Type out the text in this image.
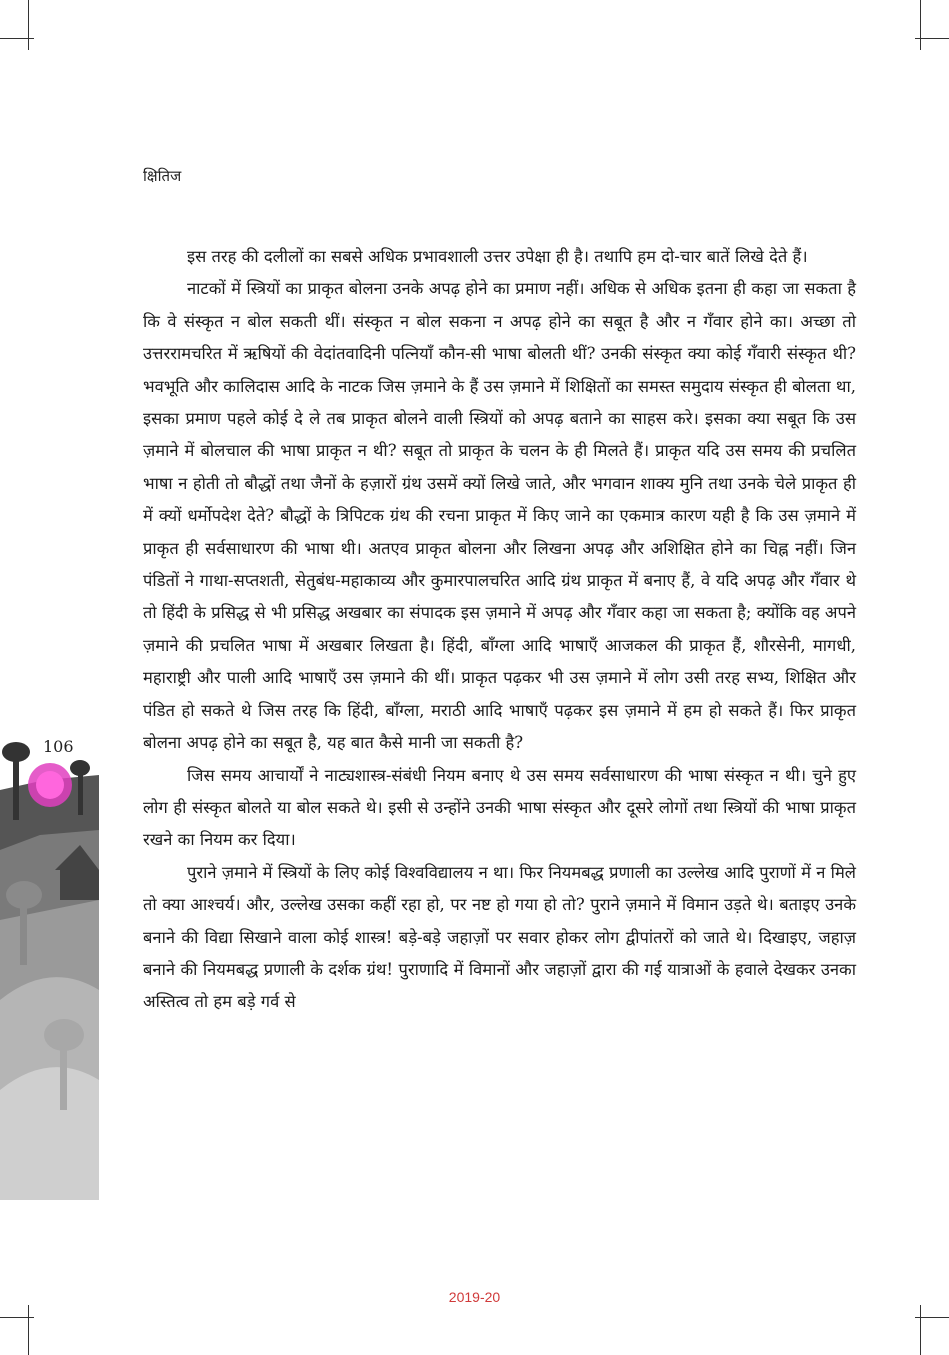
क्षितिज

इस तरह की दलीलों का सबसे अधिक प्रभावशाली उत्तर उपेक्षा ही है। तथापि हम दो-चार बातें लिखे देते हैं।

नाटकों में स्त्रियों का प्राकृत बोलना उनके अपढ़ होने का प्रमाण नहीं। अधिक से अधिक इतना ही कहा जा सकता है कि वे संस्कृत न बोल सकती थीं। संस्कृत न बोल सकना न अपढ़ होने का सबूत है और न गँवार होने का। अच्छा तो उत्तररामचरित में ऋषियों की वेदांतवादिनी पत्नियाँ कौन-सी भाषा बोलती थीं? उनकी संस्कृत क्या कोई गँवारी संस्कृत थी? भवभूति और कालिदास आदि के नाटक जिस ज़माने के हैं उस ज़माने में शिक्षितों का समस्त समुदाय संस्कृत ही बोलता था, इसका प्रमाण पहले कोई दे ले तब प्राकृत बोलने वाली स्त्रियों को अपढ़ बताने का साहस करे। इसका क्या सबूत कि उस ज़माने में बोलचाल की भाषा प्राकृत न थी? सबूत तो प्राकृत के चलन के ही मिलते हैं। प्राकृत यदि उस समय की प्रचलित भाषा न होती तो बौद्धों तथा जैनों के हज़ारों ग्रंथ उसमें क्यों लिखे जाते, और भगवान शाक्य मुनि तथा उनके चेले प्राकृत ही में क्यों धर्मोपदेश देते? बौद्धों के त्रिपिटक ग्रंथ की रचना प्राकृत में किए जाने का एकमात्र कारण यही है कि उस ज़माने में प्राकृत ही सर्वसाधारण की भाषा थी। अतएव प्राकृत बोलना और लिखना अपढ़ और अशिक्षित होने का चिह्न नहीं। जिन पंडितों ने गाथा-सप्तशती, सेतुबंध-महाकाव्य और कुमारपालचरित आदि ग्रंथ प्राकृत में बनाए हैं, वे यदि अपढ़ और गँवार थे तो हिंदी के प्रसिद्ध से भी प्रसिद्ध अखबार का संपादक इस ज़माने में अपढ़ और गँवार कहा जा सकता है; क्योंकि वह अपने ज़माने की प्रचलित भाषा में अखबार लिखता है। हिंदी, बाँग्ला आदि भाषाएँ आजकल की प्राकृत हैं, शौरसेनी, मागधी, महाराष्ट्री और पाली आदि भाषाएँ उस ज़माने की थीं। प्राकृत पढ़कर भी उस ज़माने में लोग उसी तरह सभ्य, शिक्षित और पंडित हो सकते थे जिस तरह कि हिंदी, बाँग्ला, मराठी आदि भाषाएँ पढ़कर इस ज़माने में हम हो सकते हैं। फिर प्राकृत बोलना अपढ़ होने का सबूत है, यह बात कैसे मानी जा सकती है?

जिस समय आचार्यों ने नाट्यशास्त्र-संबंधी नियम बनाए थे उस समय सर्वसाधारण की भाषा संस्कृत न थी। चुने हुए लोग ही संस्कृत बोलते या बोल सकते थे। इसी से उन्होंने उनकी भाषा संस्कृत और दूसरे लोगों तथा स्त्रियों की भाषा प्राकृत रखने का नियम कर दिया।

पुराने ज़माने में स्त्रियों के लिए कोई विश्वविद्यालय न था। फिर नियमबद्ध प्रणाली का उल्लेख आदि पुराणों में न मिले तो क्या आश्चर्य। और, उल्लेख उसका कहीं रहा हो, पर नष्ट हो गया हो तो? पुराने ज़माने में विमान उड़ते थे। बताइए उनके बनाने की विद्या सिखाने वाला कोई शास्त्र! बड़े-बड़े जहाज़ों पर सवार होकर लोग द्वीपांतरों को जाते थे। दिखाइए, जहाज़ बनाने की नियमबद्ध प्रणाली के दर्शक ग्रंथ! पुराणादि में विमानों और जहाज़ों द्वारा की गई यात्राओं के हवाले देखकर उनका अस्तित्व तो हम बड़े गर्व से

106
2019-20
